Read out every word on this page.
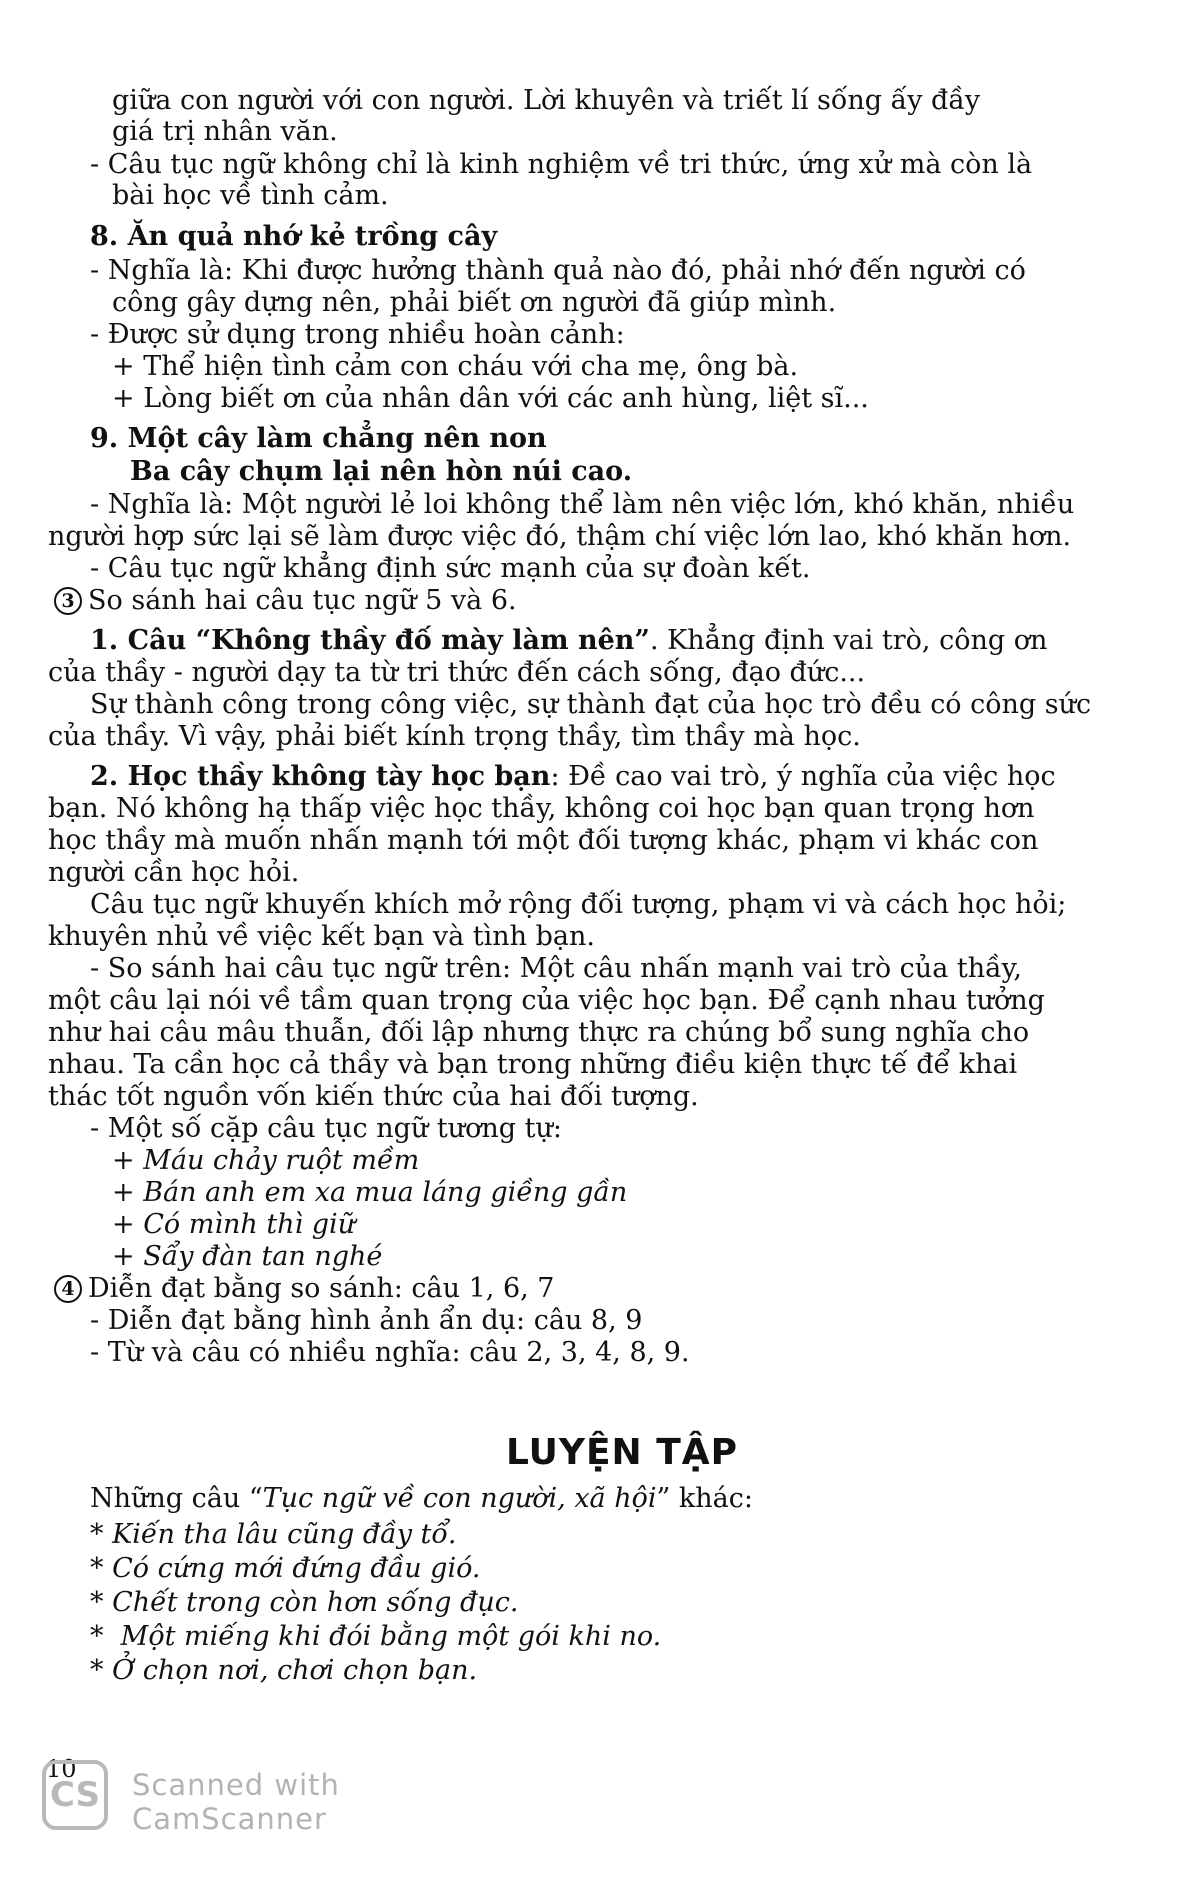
giữa con người với con người. Lời khuyên và triết lí sống ấy đầy
giá trị nhân văn.
- Câu tục ngữ không chỉ là kinh nghiệm về tri thức, ứng xử mà còn là
bài học về tình cảm.
8. Ăn quả nhớ kẻ trồng cây
- Nghĩa là: Khi được hưởng thành quả nào đó, phải nhớ đến người có
công gây dựng nên, phải biết ơn người đã giúp mình.
- Được sử dụng trong nhiều hoàn cảnh:
+ Thể hiện tình cảm con cháu với cha mẹ, ông bà.
+ Lòng biết ơn của nhân dân với các anh hùng, liệt sĩ...
9. Một cây làm chẳng nên non
Ba cây chụm lại nên hòn núi cao.
- Nghĩa là: Một người lẻ loi không thể làm nên việc lớn, khó khăn, nhiều
người hợp sức lại sẽ làm được việc đó, thậm chí việc lớn lao, khó khăn hơn.
- Câu tục ngữ khẳng định sức mạnh của sự đoàn kết.
3 So sánh hai câu tục ngữ 5 và 6.
1. Câu “Không thầy đố mày làm nên”. Khẳng định vai trò, công ơn
của thầy - người dạy ta từ tri thức đến cách sống, đạo đức...
Sự thành công trong công việc, sự thành đạt của học trò đều có công sức
của thầy. Vì vậy, phải biết kính trọng thầy, tìm thầy mà học.
2. Học thầy không tày học bạn: Đề cao vai trò, ý nghĩa của việc học
bạn. Nó không hạ thấp việc học thầy, không coi học bạn quan trọng hơn
học thầy mà muốn nhấn mạnh tới một đối tượng khác, phạm vi khác con
người cần học hỏi.
Câu tục ngữ khuyến khích mở rộng đối tượng, phạm vi và cách học hỏi;
khuyên nhủ về việc kết bạn và tình bạn.
- So sánh hai câu tục ngữ trên: Một câu nhấn mạnh vai trò của thầy,
một câu lại nói về tầm quan trọng của việc học bạn. Để cạnh nhau tưởng
như hai câu mâu thuẫn, đối lập nhưng thực ra chúng bổ sung nghĩa cho
nhau. Ta cần học cả thầy và bạn trong những điều kiện thực tế để khai
thác tốt nguồn vốn kiến thức của hai đối tượng.
- Một số cặp câu tục ngữ tương tự:
+ Máu chảy ruột mềm
+ Bán anh em xa mua láng giềng gần
+ Có mình thì giữ
+ Sẩy đàn tan nghé
4 Diễn đạt bằng so sánh: câu 1, 6, 7
- Diễn đạt bằng hình ảnh ẩn dụ: câu 8, 9
- Từ và câu có nhiều nghĩa: câu 2, 3, 4, 8, 9.
LUYỆN TẬP
Những câu “Tục ngữ về con người, xã hội” khác:
* Kiến tha lâu cũng đầy tổ.
* Có cứng mới đứng đầu gió.
* Chết trong còn hơn sống đục.
*  Một miếng khi đói bằng một gói khi no.
* Ở chọn nơi, chơi chọn bạn.
10
CS Scanned with
CamScanner
